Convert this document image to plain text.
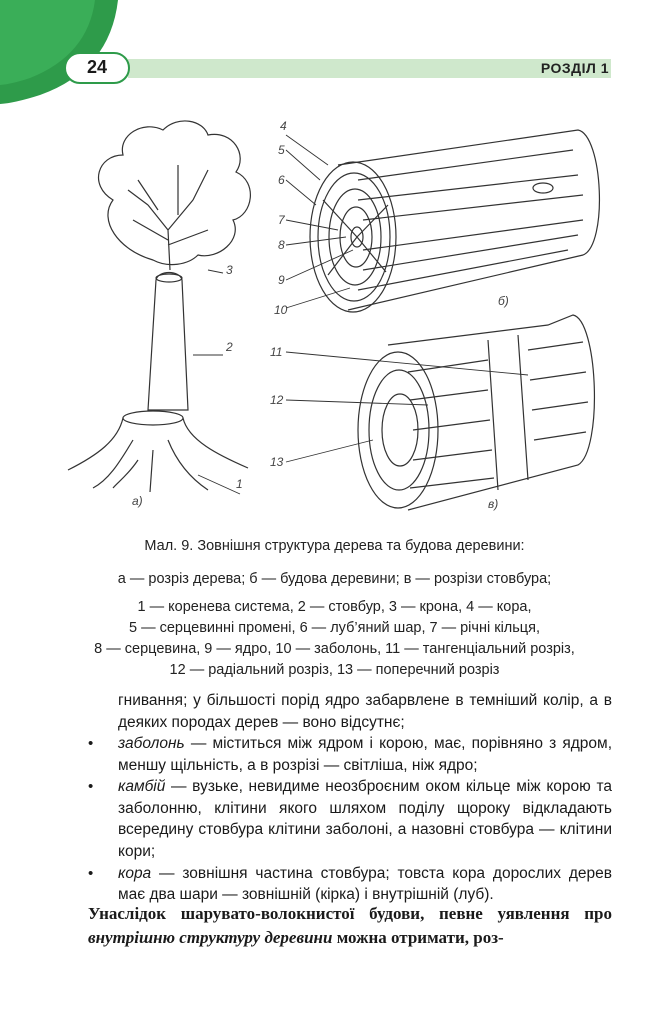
24	РОЗДІЛ 1
а)
б)
в)
1
2
3
4
5
6
7
8
9
10
11
12
13
Мал. 9. Зовнішня структура дерева та будова деревини:
а — розріз дерева; б — будова деревини; в — розрізи стовбура;
1 — коренева система, 2 — стовбур, 3 — крона, 4 — кора,
5 — серцевинні промені, 6 — луб’яний шар, 7 — річні кільця,
8 — серцевина, 9 — ядро, 10 — заболонь, 11 — тангенціальний розріз,
12 — радіальний розріз, 13 — поперечний розріз

гнивання; у більшості порід ядро забарвлене в темніший колір, а в деяких породах дерев — воно відсутнє;

• заболонь — міститься між ядром і корою, має, порівняно з ядром, меншу щільність, а в розрізі — світліша, ніж ядро;
• камбій — вузьке, невидиме неозброєним оком кільце між корою та заболонню, клітини якого шляхом поділу щороку відкладають всередину стовбура клітини заболоні, а назовні стовбура — клітини кори;
• кора — зовнішня частина стовбура; товста кора дорослих дерев має два шари — зовнішній (кірка) і внутрішній (луб).
Унаслідок шарувато-волокнистої будови, певне уявлення про внутрішню структуру деревини можна отримати, роз-
